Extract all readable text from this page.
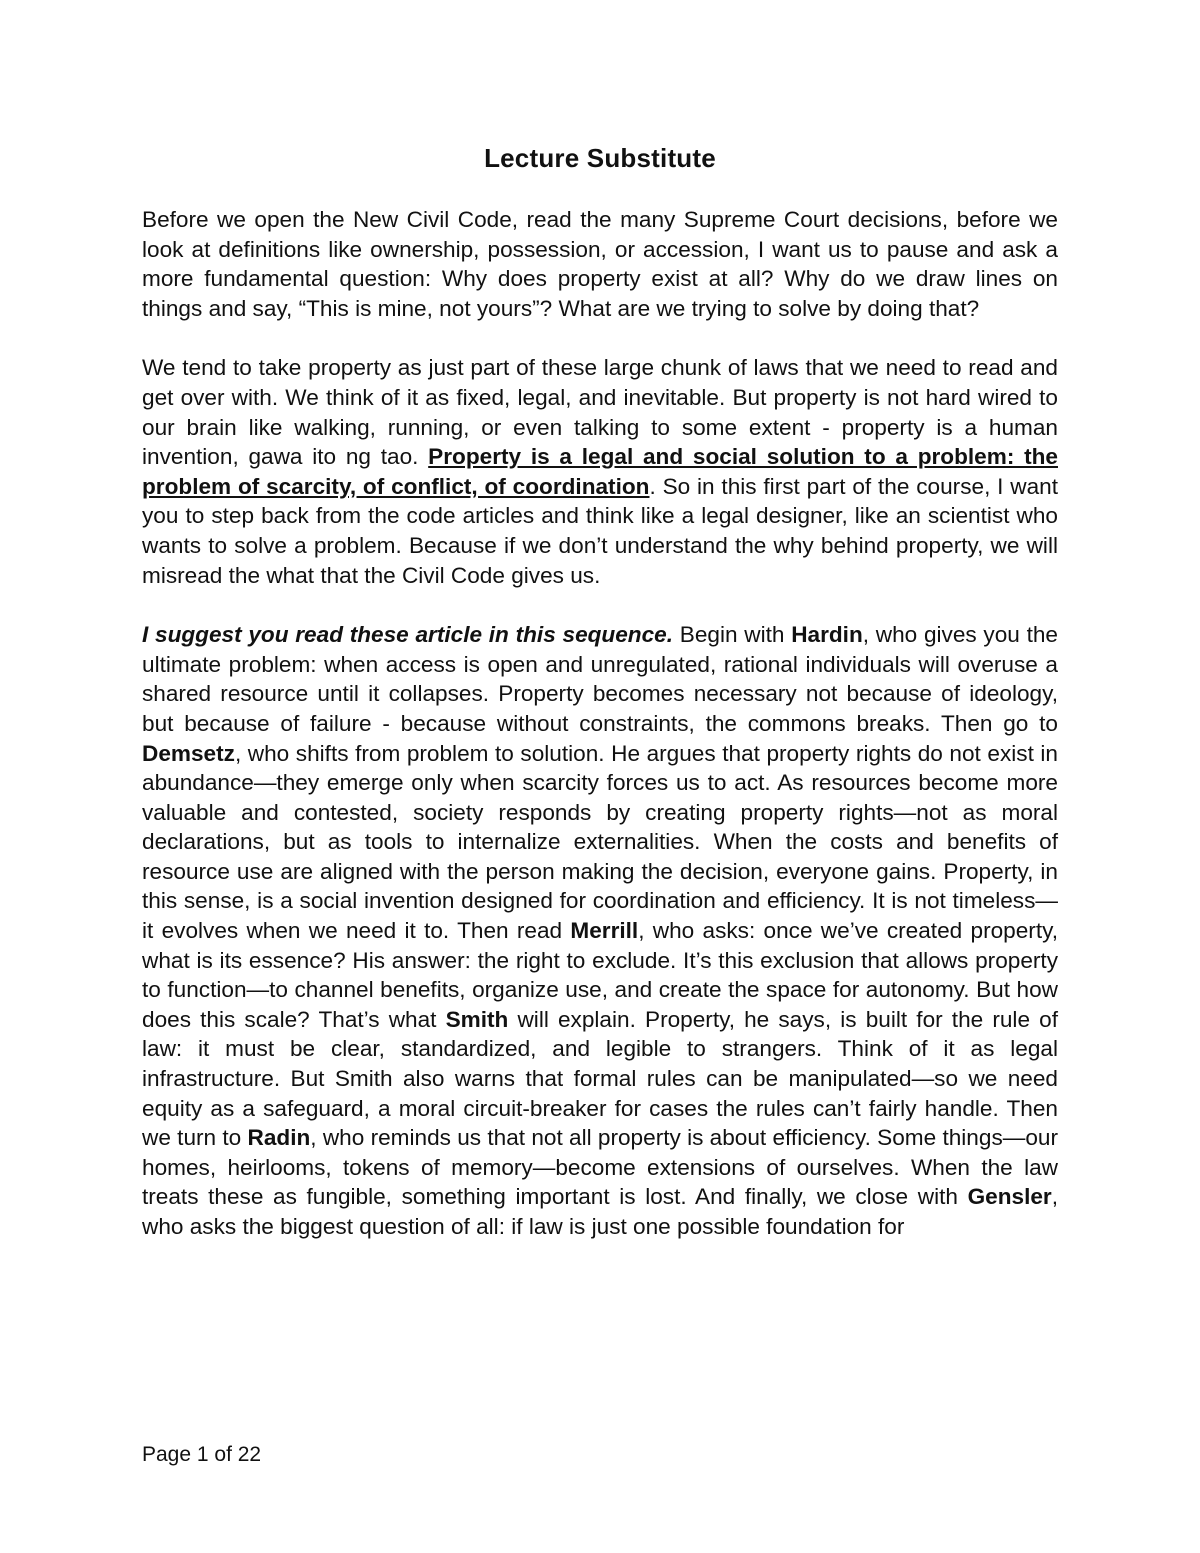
Lecture Substitute

Before we open the New Civil Code, read the many Supreme Court decisions, before we look at definitions like ownership, possession, or accession, I want us to pause and ask a more fundamental question: Why does property exist at all? Why do we draw lines on things and say, “This is mine, not yours”? What are we trying to solve by doing that?

We tend to take property as just part of these large chunk of laws that we need to read and get over with. We think of it as fixed, legal, and inevitable. But property is not hard wired to our brain like walking, running, or even talking to some extent - property is a human invention, gawa ito ng tao. Property is a legal and social solution to a problem: the problem of scarcity, of conflict, of coordination. So in this first part of the course, I want you to step back from the code articles and think like a legal designer, like an scientist who wants to solve a problem. Because if we don’t understand the why behind property, we will misread the what that the Civil Code gives us.

I suggest you read these article in this sequence. Begin with Hardin, who gives you the ultimate problem: when access is open and unregulated, rational individuals will overuse a shared resource until it collapses. Property becomes necessary not because of ideology, but because of failure - because without constraints, the commons breaks. Then go to Demsetz, who shifts from problem to solution. He argues that property rights do not exist in abundance—they emerge only when scarcity forces us to act. As resources become more valuable and contested, society responds by creating property rights—not as moral declarations, but as tools to internalize externalities. When the costs and benefits of resource use are aligned with the person making the decision, everyone gains. Property, in this sense, is a social invention designed for coordination and efficiency. It is not timeless—it evolves when we need it to. Then read Merrill, who asks: once we’ve created property, what is its essence? His answer: the right to exclude. It’s this exclusion that allows property to function—to channel benefits, organize use, and create the space for autonomy. But how does this scale? That’s what Smith will explain. Property, he says, is built for the rule of law: it must be clear, standardized, and legible to strangers. Think of it as legal infrastructure. But Smith also warns that formal rules can be manipulated—so we need equity as a safeguard, a moral circuit-breaker for cases the rules can’t fairly handle. Then we turn to Radin, who reminds us that not all property is about efficiency. Some things—our homes, heirlooms, tokens of memory—become extensions of ourselves. When the law treats these as fungible, something important is lost. And finally, we close with Gensler, who asks the biggest question of all: if law is just one possible foundation for

Page 1 of 22
